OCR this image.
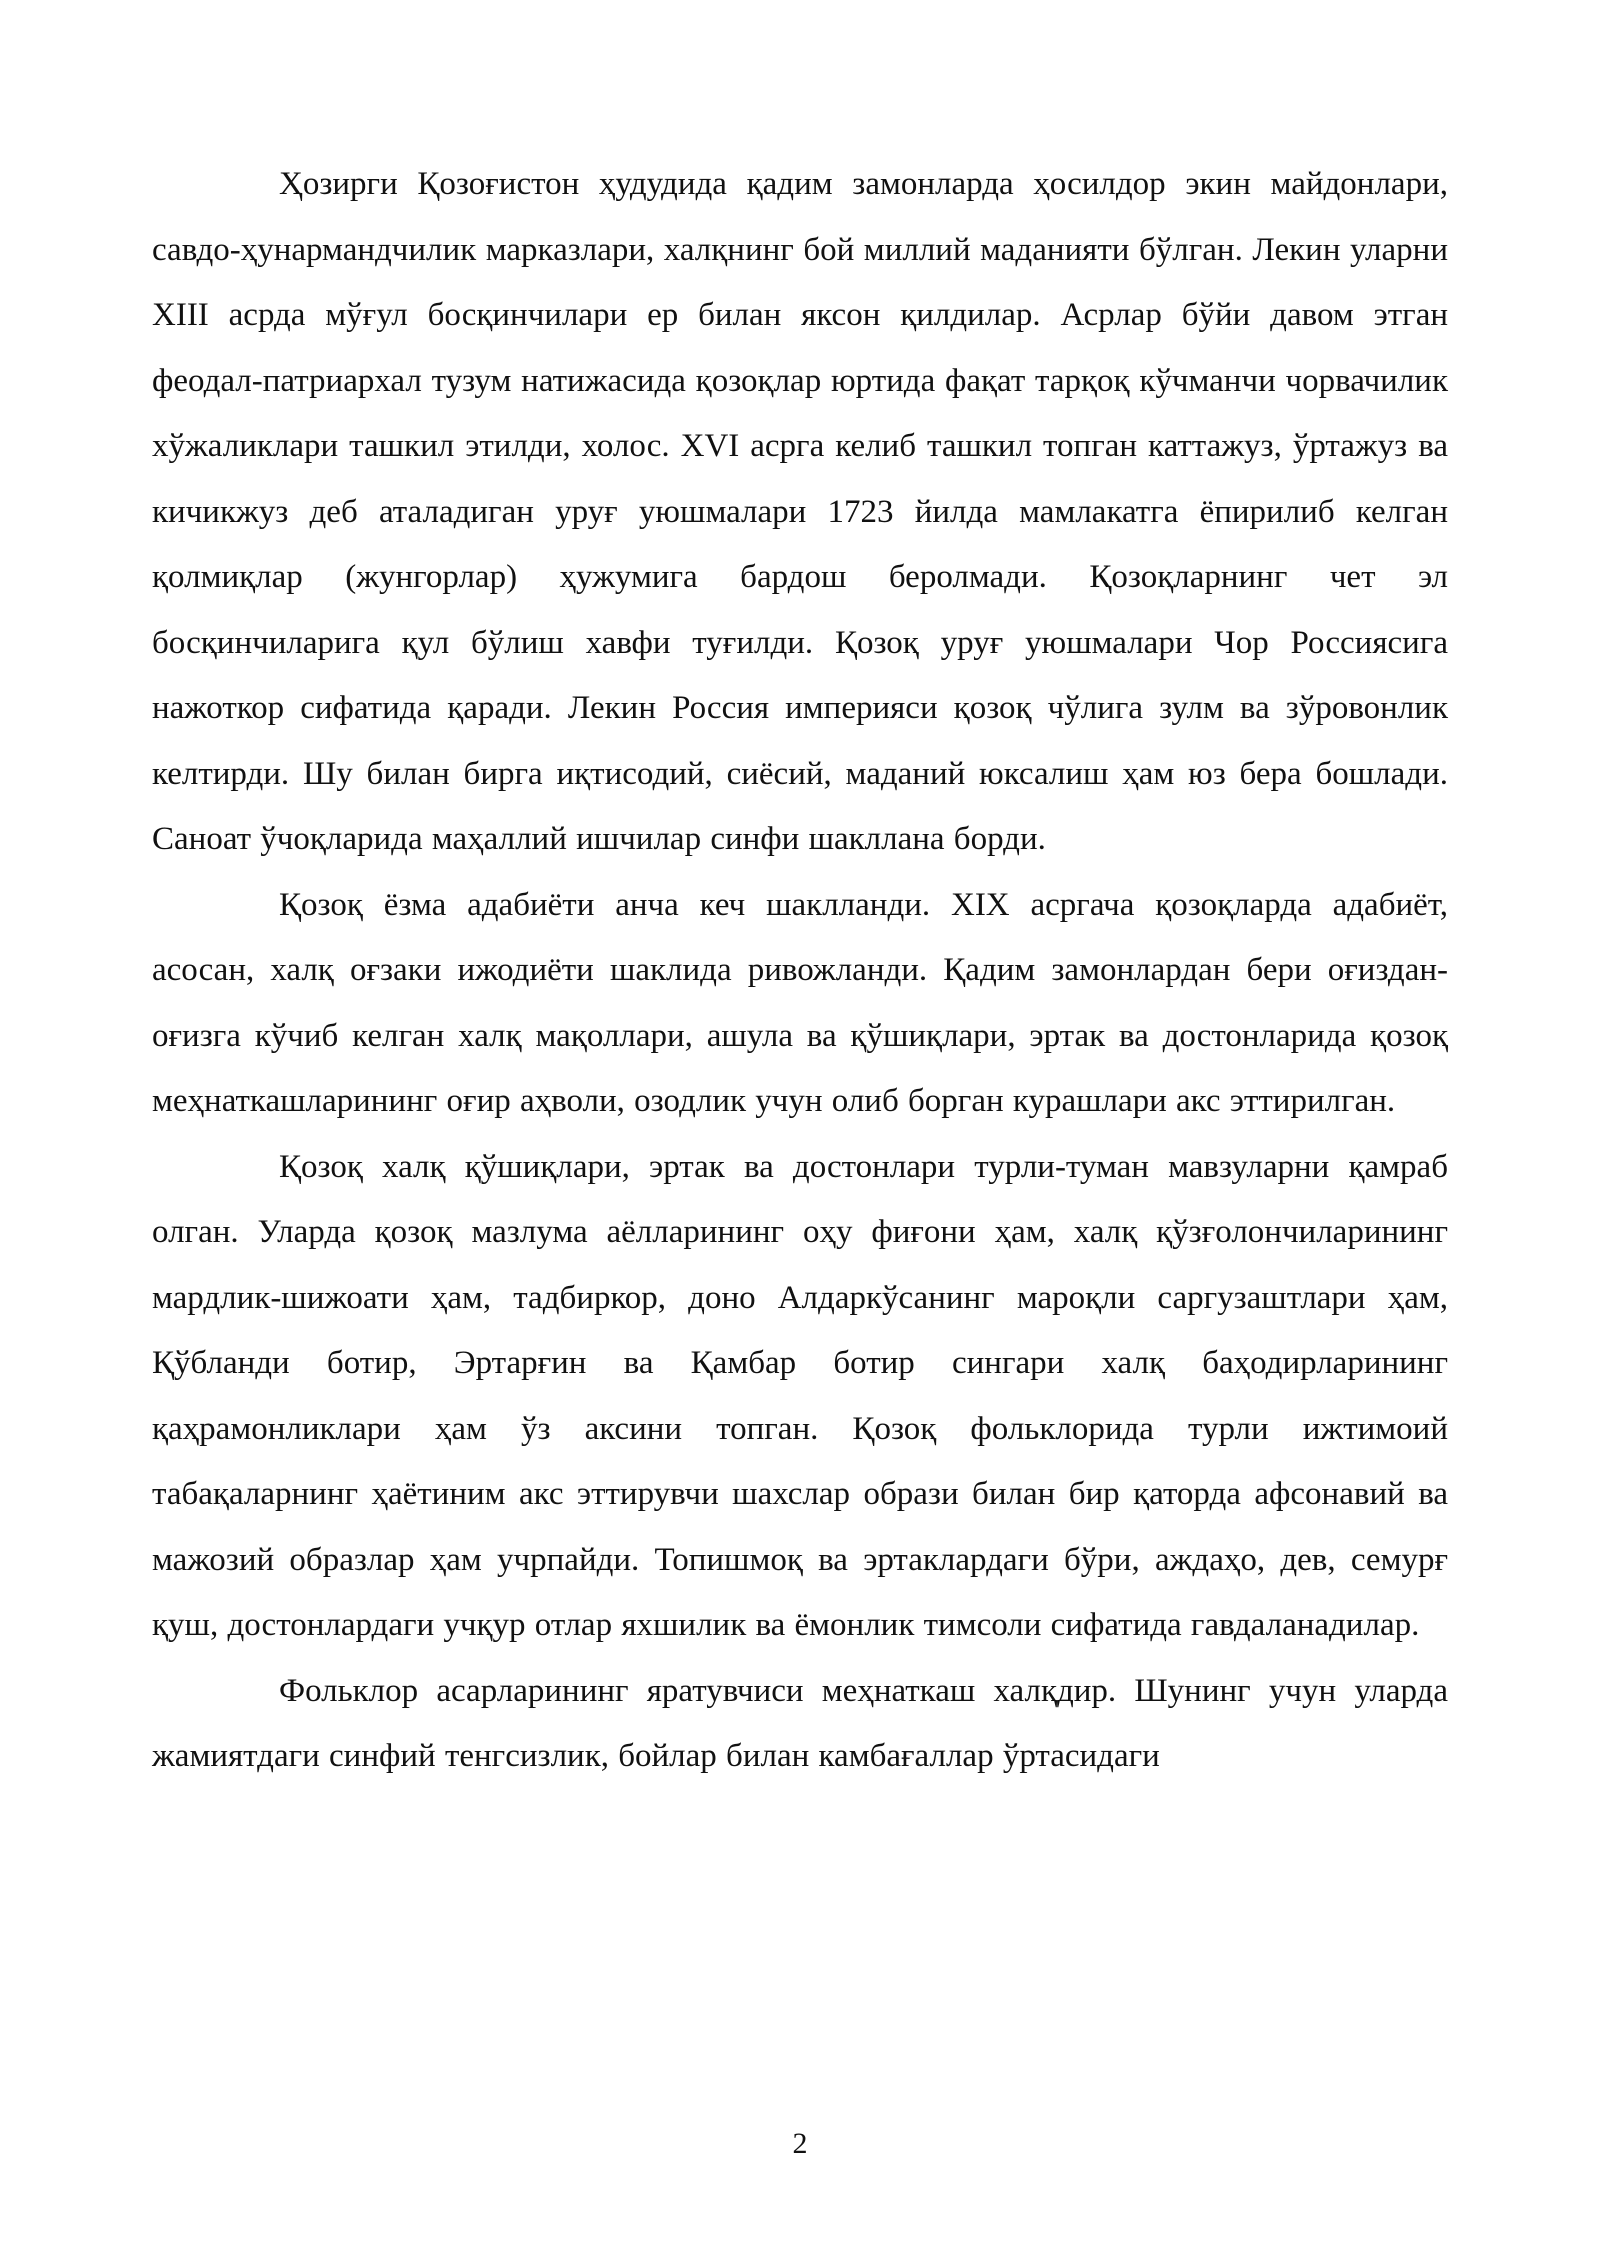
Ҳозирги Қозоғистон ҳудудида қадим замонларда ҳосилдор экин майдонлари, савдо-ҳунармандчилик марказлари, халқнинг бой миллий маданияти бўлган. Лекин уларни XIII асрда мўғул босқинчилари ер билан яксон қилдилар. Асрлар бўйи давом этган феодал-патриархал тузум натижасида қозоқлар юртида фақат тарқоқ кўчманчи чорвачилик хўжаликлари ташкил этилди, холос. XVI асрга келиб ташкил топган каттажуз, ўртажуз ва кичикжуз деб аталадиган уруғ уюшмалари 1723 йилда мамлакатга ёпирилиб келган қолмиқлар (жунгорлар) ҳужумига бардош беролмади. Қозоқларнинг чет эл босқинчиларига қул бўлиш хавфи туғилди. Қозоқ уруғ уюшмалари Чор Россиясига нажоткор сифатида қаради. Лекин Россия империяси қозоқ чўлига зулм ва зўровонлик келтирди. Шу билан бирга иқтисодий, сиёсий, маданий юксалиш ҳам юз бера бошлади. Саноат ўчоқларида маҳаллий ишчилар синфи шакллана борди.

Қозоқ ёзма адабиёти анча кеч шаклланди. XIX асргача қозоқларда адабиёт, асосан, халқ оғзаки ижодиёти шаклида ривожланди. Қадим замонлардан бери оғиздан-оғизга кўчиб келган халқ мақоллари, ашула ва қўшиқлари, эртак ва достонларида қозоқ меҳнаткашларининг оғир аҳволи, озодлик учун олиб борган курашлари акс эттирилган.

Қозоқ халқ қўшиқлари, эртак ва достонлари турли-туман мавзуларни қамраб олган. Уларда қозоқ мазлума аёлларининг оҳу фиғони ҳам, халқ қўзғолончиларининг мардлик-шижоати ҳам, тадбиркор, доно Алдаркўсанинг мароқли саргузаштлари ҳам, Қўбланди ботир, Эртарғин ва Қамбар ботир сингари халқ баҳодирларининг қаҳрамонликлари ҳам ўз аксини топган. Қозоқ фольклорида турли ижтимоий табақаларнинг ҳаётиним акс эттирувчи шахслар образи билан бир қаторда афсонавий ва мажозий образлар ҳам учрпайди. Топишмоқ ва эртаклардаги бўри, аждаҳо, дев, семурғ қуш, достонлардаги учқур отлар яхшилик ва ёмонлик тимсоли сифатида гавдаланадилар.

Фольклор асарларининг яратувчиси меҳнаткаш халқдир. Шунинг учун уларда жамиятдаги синфий тенгсизлик, бойлар билан камбағаллар ўртасидаги

2
